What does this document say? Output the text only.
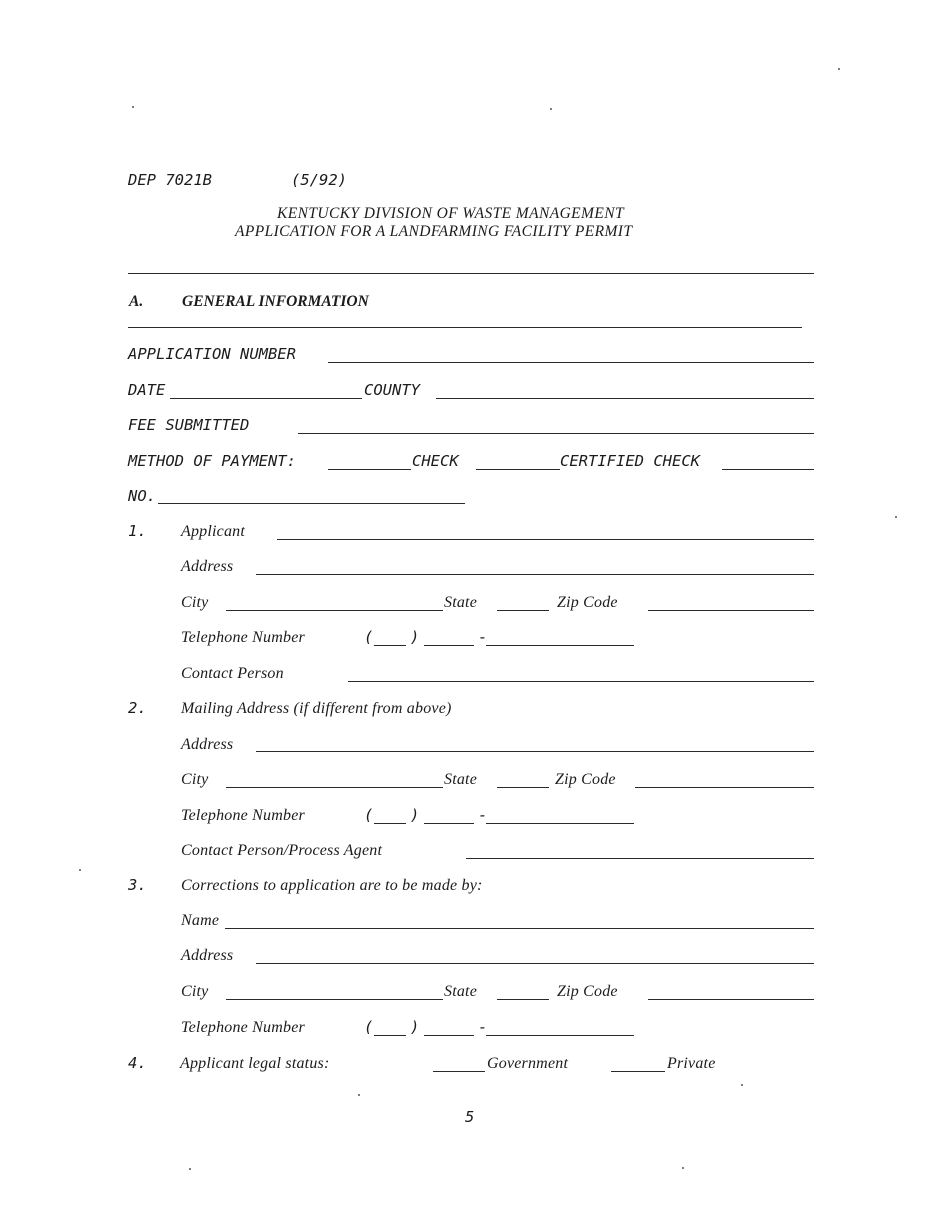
DEP 7021B	(5/92)
KENTUCKY DIVISION OF WASTE MANAGEMENT
APPLICATION FOR A LANDFARMING FACILITY PERMIT
A.	GENERAL INFORMATION
APPLICATION NUMBER
DATE	COUNTY
FEE SUBMITTED
METHOD OF PAYMENT:	CHECK	CERTIFIED CHECK
NO.
1. Applicant
Address
City	State	Zip Code
Telephone Number	( )	-
Contact Person
2. Mailing Address (if different from above)
Address
City	State	Zip Code
Telephone Number	( )	-
Contact Person/Process Agent
3. Corrections to application are to be made by:
Name
Address
City	State	Zip Code
Telephone Number	( )	-
4. Applicant legal status:	Government	Private
5
